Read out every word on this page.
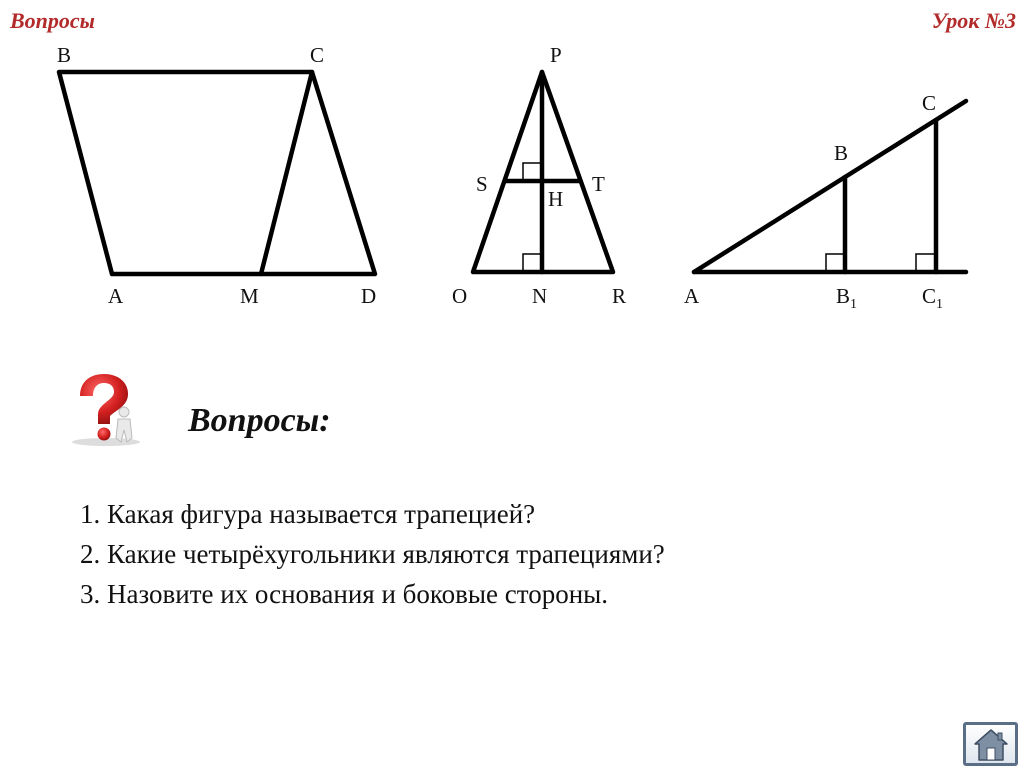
Вопросы	Урок №3
B	C
A	M	D
P
S	T
H
O	N	R
C
B
A	$B_1$	$C_1$
Вопросы:
1. Какая фигура называется трапецией?
2. Какие четырёхугольники являются трапециями?
3. Назовите их основания и боковые стороны.
